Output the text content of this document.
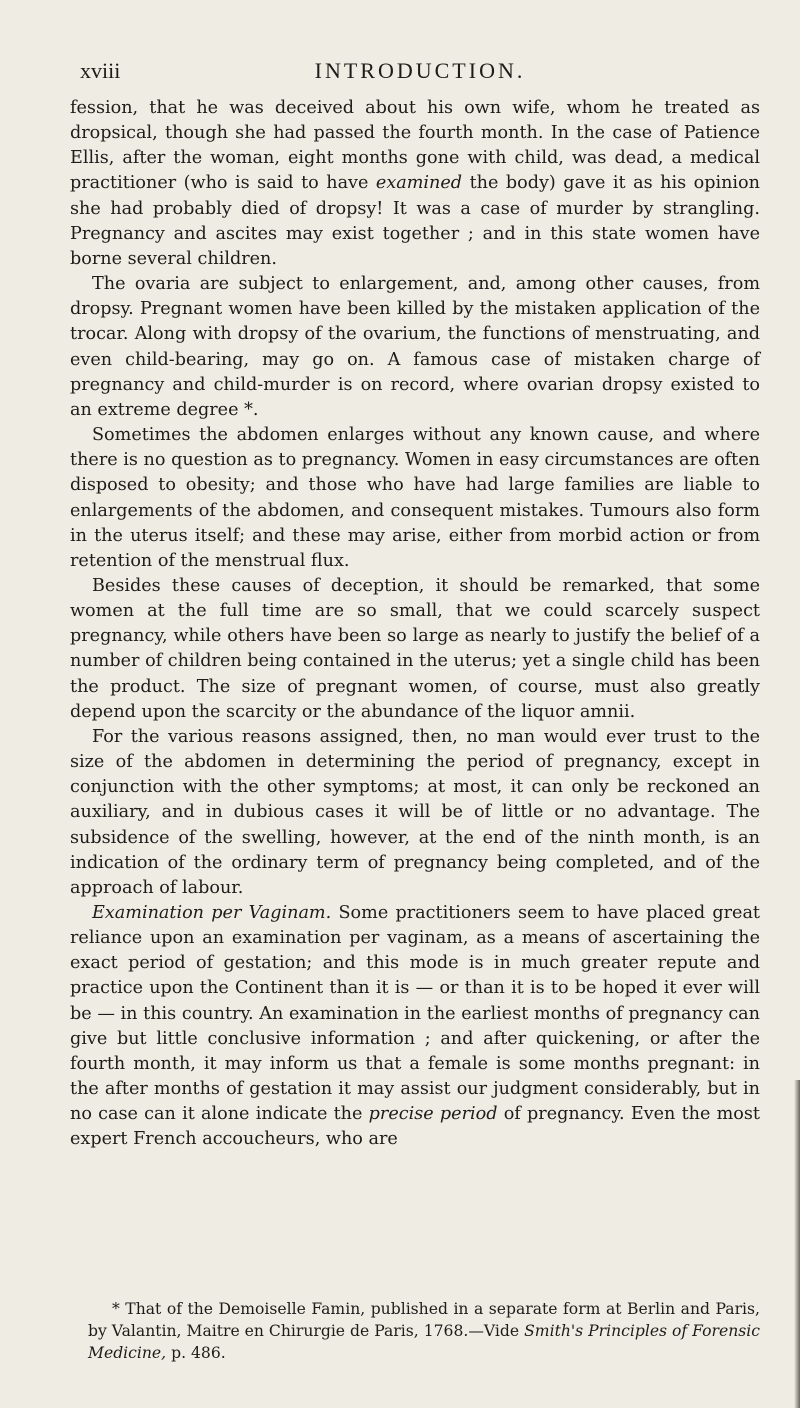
xviii	INTRODUCTION.

fession, that he was deceived about his own wife, whom he treated as dropsical, though she had passed the fourth month. In the case of Patience Ellis, after the woman, eight months gone with child, was dead, a medical practitioner (who is said to have examined the body) gave it as his opinion she had probably died of dropsy! It was a case of murder by strangling. Pregnancy and ascites may exist together ; and in this state women have borne several children.

The ovaria are subject to enlargement, and, among other causes, from dropsy. Pregnant women have been killed by the mistaken application of the trocar. Along with dropsy of the ovarium, the functions of menstruating, and even child-bearing, may go on. A famous case of mistaken charge of pregnancy and child-murder is on record, where ovarian dropsy existed to an extreme degree *.

Sometimes the abdomen enlarges without any known cause, and where there is no question as to pregnancy. Women in easy circumstances are often disposed to obesity; and those who have had large families are liable to enlargements of the abdomen, and consequent mistakes. Tumours also form in the uterus itself; and these may arise, either from morbid action or from retention of the menstrual flux.

Besides these causes of deception, it should be remarked, that some women at the full time are so small, that we could scarcely suspect pregnancy, while others have been so large as nearly to justify the belief of a number of children being contained in the uterus; yet a single child has been the product. The size of pregnant women, of course, must also greatly depend upon the scarcity or the abundance of the liquor amnii.

For the various reasons assigned, then, no man would ever trust to the size of the abdomen in determining the period of pregnancy, except in conjunction with the other symptoms; at most, it can only be reckoned an auxiliary, and in dubious cases it will be of little or no advantage. The subsidence of the swelling, however, at the end of the ninth month, is an indication of the ordinary term of pregnancy being completed, and of the approach of labour.

Examination per Vaginam. Some practitioners seem to have placed great reliance upon an examination per vaginam, as a means of ascertaining the exact period of gestation; and this mode is in much greater repute and practice upon the Continent than it is — or than it is to be hoped it ever will be — in this country. An examination in the earliest months of pregnancy can give but little conclusive information ; and after quickening, or after the fourth month, it may inform us that a female is some months pregnant: in the after months of gestation it may assist our judgment considerably, but in no case can it alone indicate the precise period of pregnancy. Even the most expert French accoucheurs, who are

* That of the Demoiselle Famin, published in a separate form at Berlin and Paris, by Valantin, Maitre en Chirurgie de Paris, 1768.—Vide Smith's Principles of Forensic Medicine, p. 486.
